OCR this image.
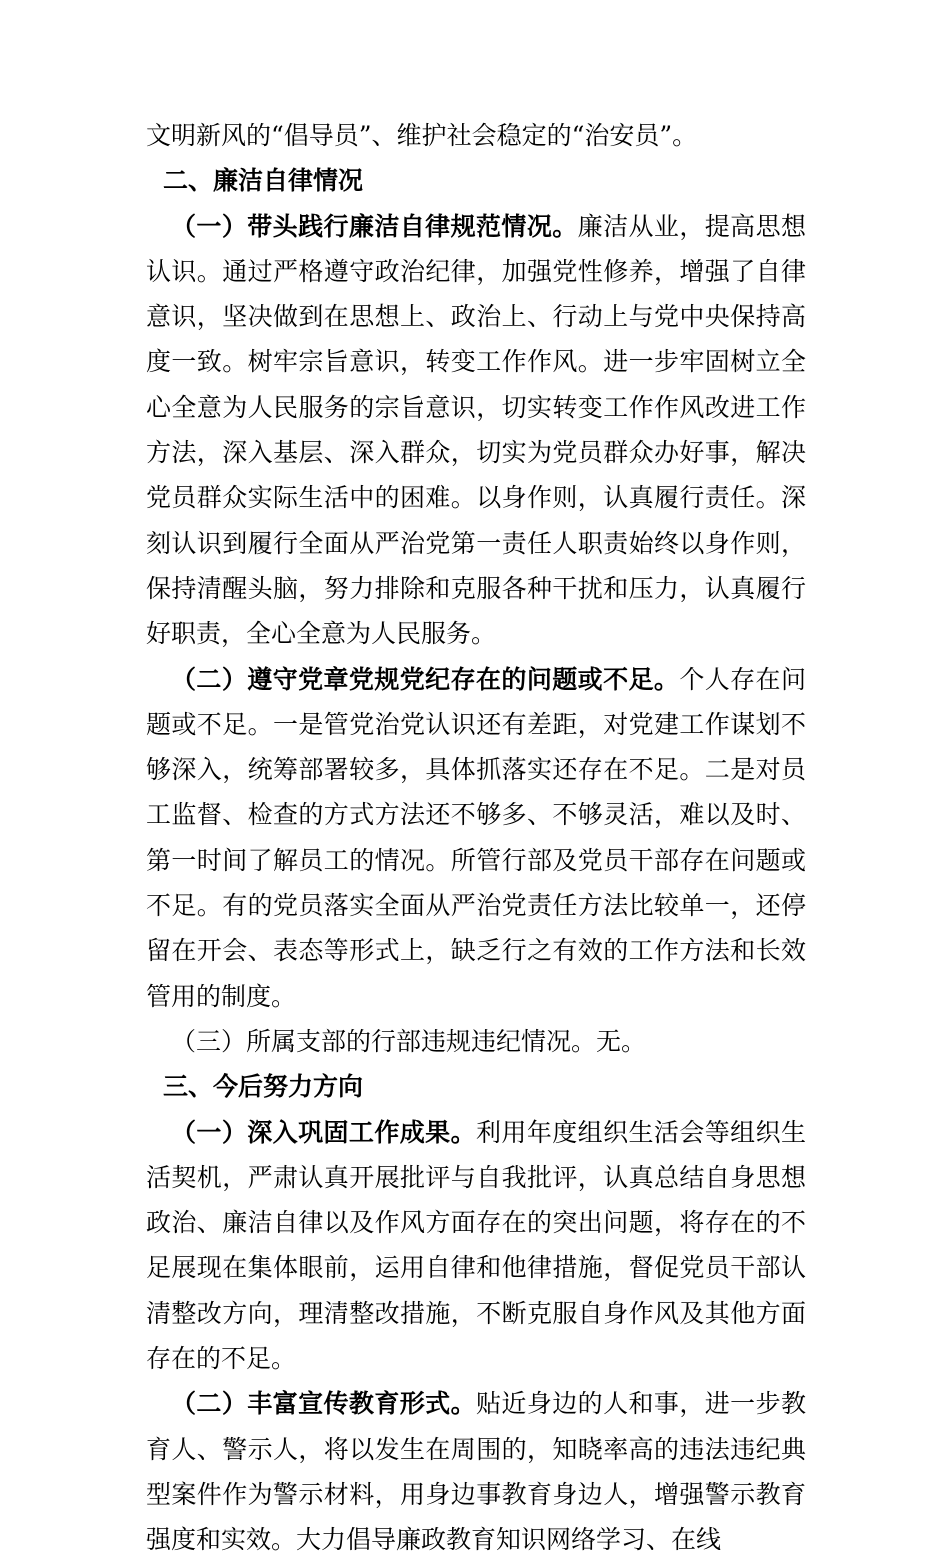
文明新风的“倡导员”、维护社会稳定的“治安员”。

二、廉洁自律情况

（一）带头践行廉洁自律规范情况。廉洁从业，提高思想认识。通过严格遵守政治纪律，加强党性修养，增强了自律意识，坚决做到在思想上、政治上、行动上与党中央保持高度一致。树牢宗旨意识，转变工作作风。进一步牢固树立全心全意为人民服务的宗旨意识，切实转变工作作风改进工作方法，深入基层、深入群众，切实为党员群众办好事，解决党员群众实际生活中的困难。以身作则，认真履行责任。深刻认识到履行全面从严治党第一责任人职责始终以身作则，保持清醒头脑，努力排除和克服各种干扰和压力，认真履行好职责，全心全意为人民服务。

（二）遵守党章党规党纪存在的问题或不足。个人存在问题或不足。一是管党治党认识还有差距，对党建工作谋划不够深入，统筹部署较多，具体抓落实还存在不足。二是对员工监督、检查的方式方法还不够多、不够灵活，难以及时、第一时间了解员工的情况。所管行部及党员干部存在问题或不足。有的党员落实全面从严治党责任方法比较单一，还停留在开会、表态等形式上，缺乏行之有效的工作方法和长效管用的制度。

（三）所属支部的行部违规违纪情况。无。

三、今后努力方向

（一）深入巩固工作成果。利用年度组织生活会等组织生活契机，严肃认真开展批评与自我批评，认真总结自身思想政治、廉洁自律以及作风方面存在的突出问题，将存在的不足展现在集体眼前，运用自律和他律措施，督促党员干部认清整改方向，理清整改措施，不断克服自身作风及其他方面存在的不足。

（二）丰富宣传教育形式。贴近身边的人和事，进一步教育人、警示人，将以发生在周围的，知晓率高的违法违纪典型案件作为警示材料，用身边事教育身边人，增强警示教育强度和实效。大力倡导廉政教育知识网络学习、在线
